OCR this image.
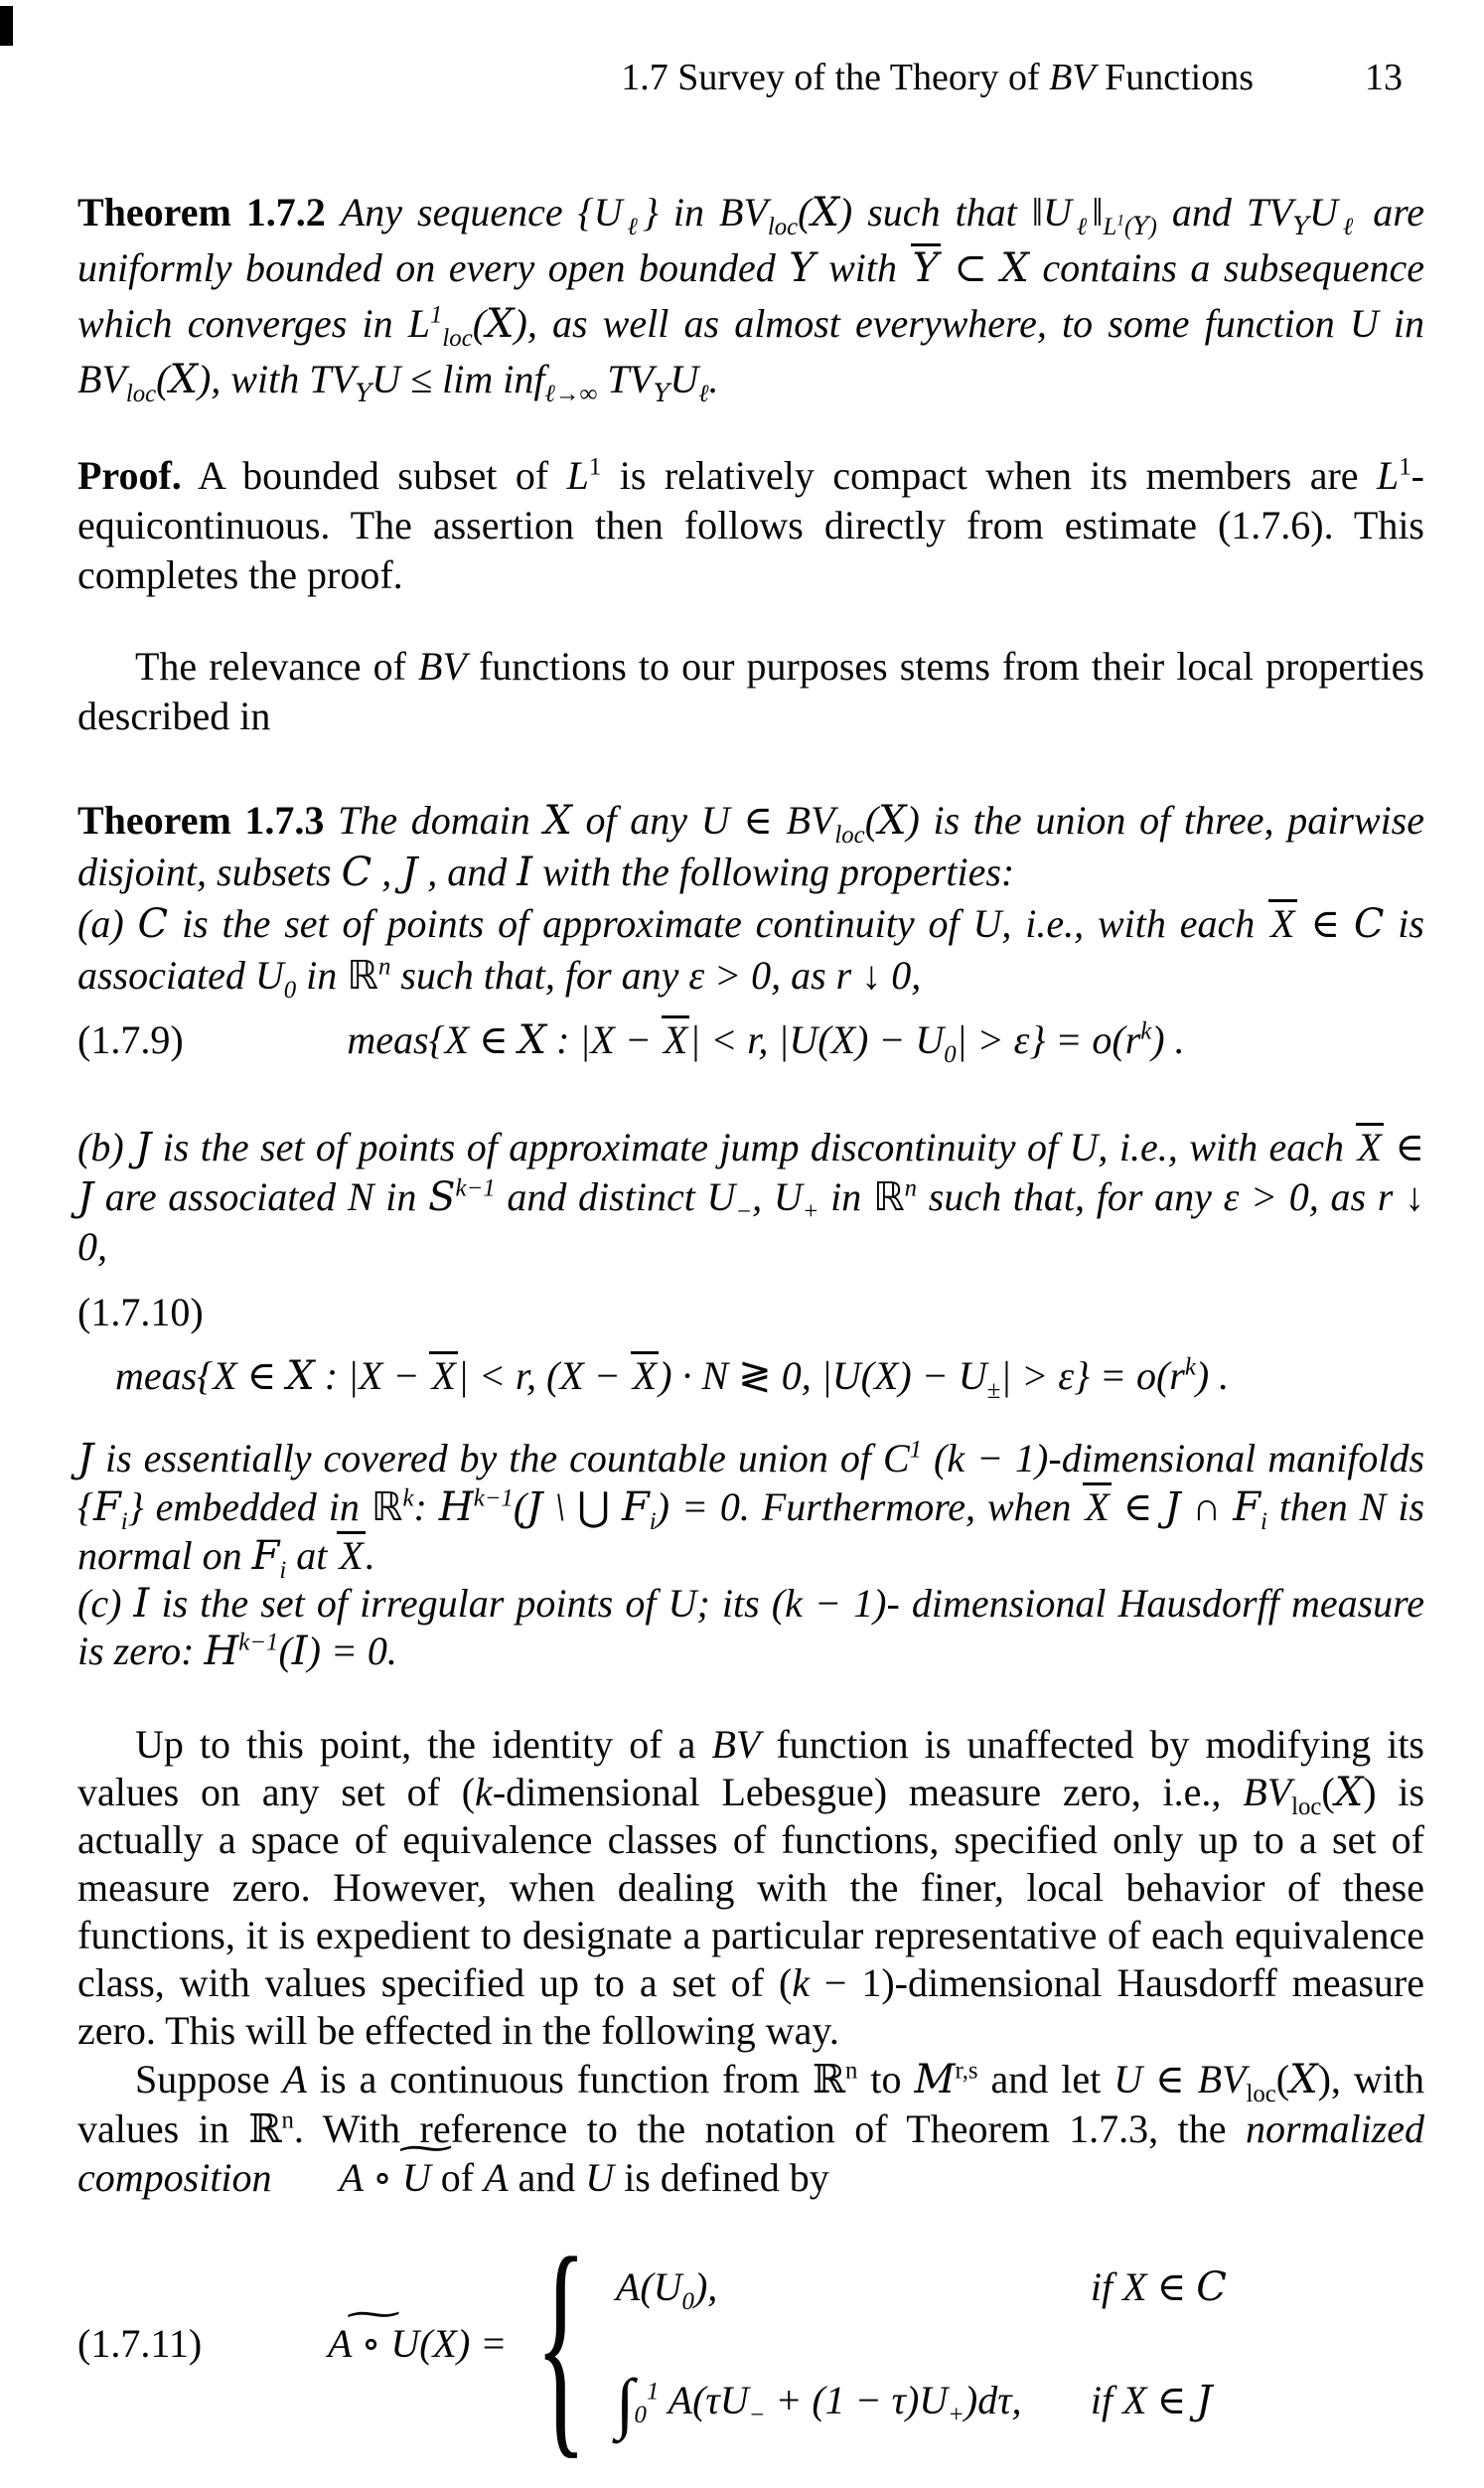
1.7 Survey of the Theory of BV Functions	13

Theorem 1.7.2 Any sequence $\{U_\ell\}$ in $BV_{loc}(X)$ such that $‖U_\ell‖_{L^1(Y)}$ and $TV_YU_\ell$ are uniformly bounded on every open bounded Y with Y ⊂ X contains a subsequence which converges in $L^1_{loc}(X)$, as well as almost everywhere, to some function U in $BV_{loc}(X)$, with $TV_YU \le \lim inf_{\ell\to\infty}$ $TV_YU_\ell$.

Proof. A bounded subset of $L^1$ is relatively compact when its members are $L^1$-equicontinuous. The assertion then follows directly from estimate (1.7.6). This completes the proof.

The relevance of BV functions to our purposes stems from their local properties described in

Theorem 1.7.3 The domain X of any U ∈ $BV_{loc}(X)$ is the union of three, pairwise disjoint, subsets C , J , and I with the following properties:

(a) C is the set of points of approximate continuity of U, i.e., with each X ∈ C is associated $U_0$ in ℝ$^n$ such that, for any ε > 0, as r ↓ 0,

(1.7.9)	meas{X ∈ X : |X − X| < r, $|U(X) - U_0| > \varepsilon\} = o(r^k)$ .

(b) J is the set of points of approximate jump discontinuity of U, i.e., with each X ∈ J are associated N in $S^{k-1}$ and distinct $U_-$, $U_+$ in ℝ$^n$ such that, for any ε > 0, as r ↓ 0,

(1.7.10)
meas{X ∈ X : |X − X| < r, (X − X) · N ≷ 0, $|U(X) - U_\pm| > \varepsilon\} = o(r^k)$ .

J is essentially covered by the countable union of $C^1$ (k − 1)-dimensional manifolds $\{F_i\}$ embedded in ℝ$^k$: $H^{k-1}(J$ \ ⋃ $F_i) = 0$. Furthermore, when X ∈ J ∩ $F_i$ then N is normal on $F_i$ at X.

(c) I is the set of irregular points of U; its (k − 1)- dimensional Hausdorff measure is zero: $H^{k-1}(I) = 0$.

Up to this point, the identity of a BV function is unaffected by modifying its values on any set of (k-dimensional Lebesgue) measure zero, i.e., $BV_{loc}(X)$ is actually a space of equivalence classes of functions, specified only up to a set of measure zero. However, when dealing with the finer, local behavior of these functions, it is expedient to designate a particular representative of each equivalence class, with values specified up to a set of (k − 1)-dimensional Hausdorff measure zero. This will be effected in the following way.

Suppose A is a continuous function from ℝ$^n$ to M$^{r,s}$ and let U ∈ $BV_{loc}(X)$, with values in ℝ$^n$. With reference to the notation of Theorem 1.7.3, the normalized composition ∼ A ∘ U of A and U is defined by

(1.7.11)	∼ A ∘ U(X) = { $A(U_0)$,	if X ∈ C
$\int_0^1$ $A(\tau U_- + (1 - \tau)U_+)d\tau$,	if X ∈ J
